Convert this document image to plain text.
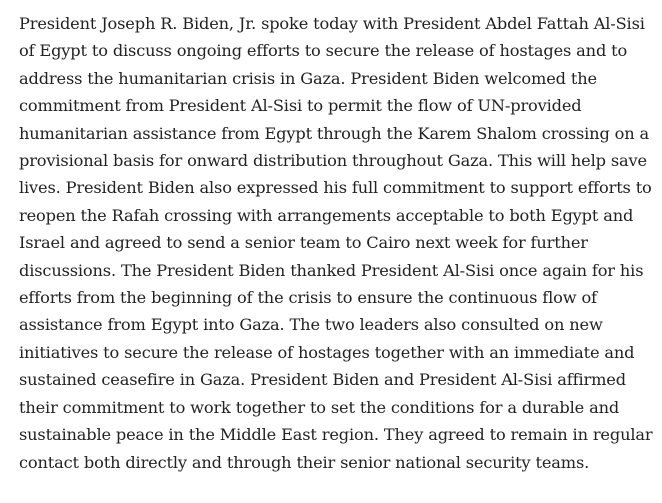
President Joseph R. Biden, Jr. spoke today with President Abdel Fattah Al-Sisi
of Egypt to discuss ongoing efforts to secure the release of hostages and to
address the humanitarian crisis in Gaza. President Biden welcomed the
commitment from President Al-Sisi to permit the flow of UN-provided
humanitarian assistance from Egypt through the Karem Shalom crossing on a
provisional basis for onward distribution throughout Gaza. This will help save
lives. President Biden also expressed his full commitment to support efforts to
reopen the Rafah crossing with arrangements acceptable to both Egypt and
Israel and agreed to send a senior team to Cairo next week for further
discussions. The President Biden thanked President Al-Sisi once again for his
efforts from the beginning of the crisis to ensure the continuous flow of
assistance from Egypt into Gaza. The two leaders also consulted on new
initiatives to secure the release of hostages together with an immediate and
sustained ceasefire in Gaza. President Biden and President Al-Sisi affirmed
their commitment to work together to set the conditions for a durable and
sustainable peace in the Middle East region. They agreed to remain in regular
contact both directly and through their senior national security teams.
